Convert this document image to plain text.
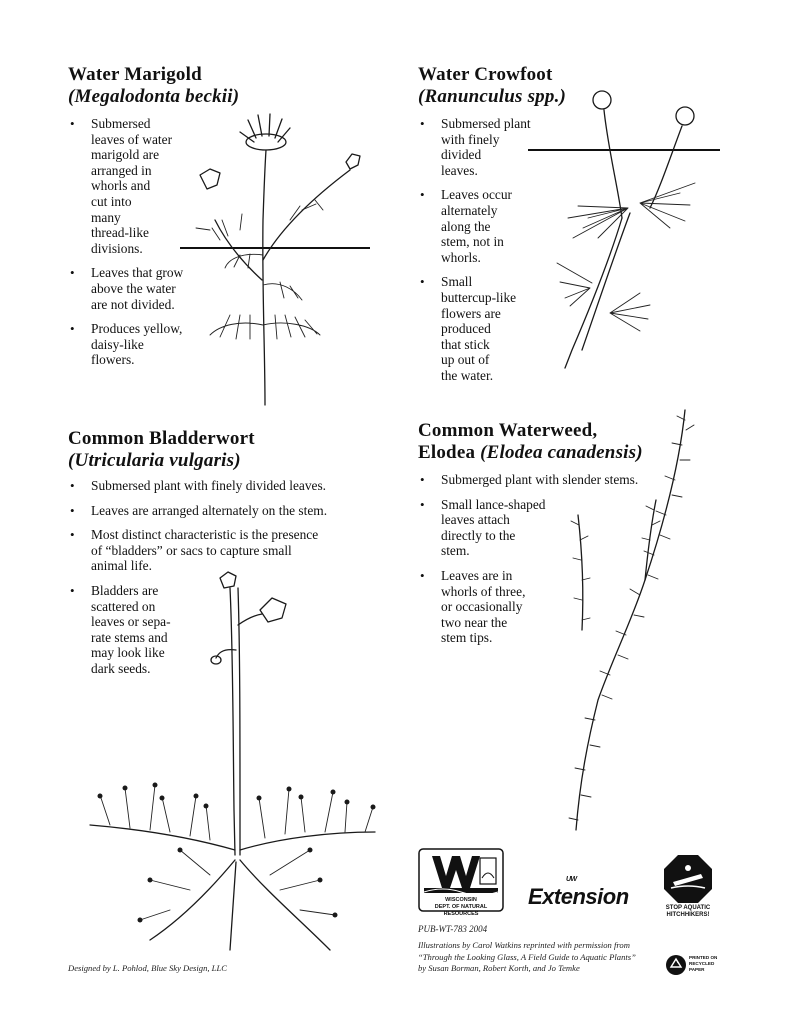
Water Marigold
(Megalodonta beckii)
• Submersed
leaves of water
marigold are
arranged in
whorls and
cut into
many
thread-like
divisions.
• Leaves that grow
above the water
are not divided.
• Produces yellow,
daisy-like
flowers.
Water Crowfoot
(Ranunculus spp.)
• Submersed plant
with finely
divided
leaves.
• Leaves occur
alternately
along the
stem, not in
whorls.
• Small
buttercup-like
flowers are
produced
that stick
up out of
the water.
Common Bladderwort
(Utricularia vulgaris)
• Submersed plant with finely divided leaves.
• Leaves are arranged alternately on the stem.
• Most distinct characteristic is the presence
of “bladders” or sacs to capture small
animal life.
• Bladders are
scattered on
leaves or sepa-
rate stems and
may look like
dark seeds.
Common Waterweed,
Elodea (Elodea canadensis)
• Submerged plant with slender stems.
• Small lance-shaped
leaves attach
directly to the
stem.
• Leaves are in
whorls of three,
or occasionally
two near the
stem tips.
Designed by L. Pohlod, Blue Sky Design, LLC
WISCONSIN
DEPT. OF NATURAL RESOURCES
UW
Extension	STOP AQUATIC
HITCHHIKERS!
PUB-WT-783 2004
Illustrations by Carol Watkins reprinted with permission from
“Through the Looking Glass, A Field Guide to Aquatic Plants”
by Susan Borman, Robert Korth, and Jo Temke
PRINTED ON
RECYCLED
PAPER
